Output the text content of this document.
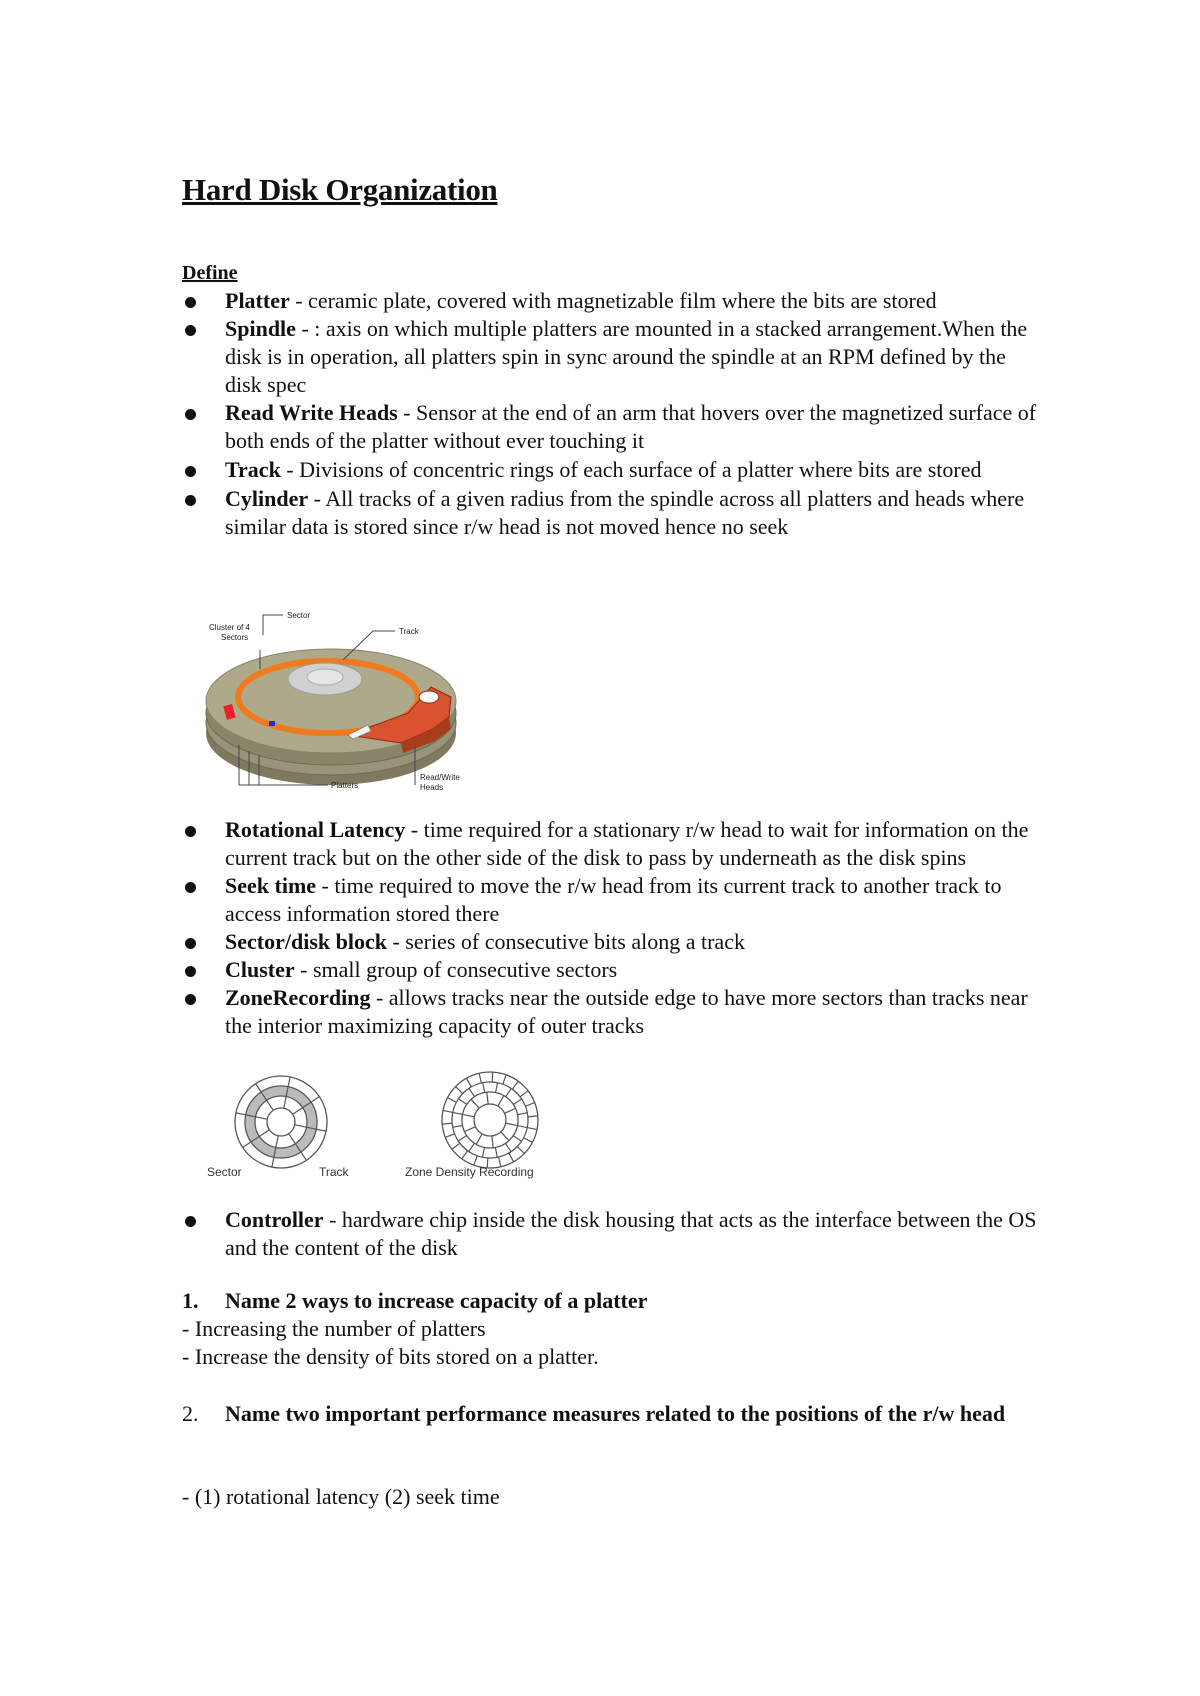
Hard Disk Organization
Define
Platter - ceramic plate, covered with magnetizable film where the bits are stored
Spindle - : axis on which multiple platters are mounted in a stacked arrangement.When the disk is in operation, all platters spin in sync around the spindle at an RPM defined by the disk spec
Read Write Heads - Sensor at the end of an arm that hovers over the magnetized surface of both ends of the platter without ever touching it
Track - Divisions of concentric rings of each surface of a platter where bits are stored
Cylinder - All tracks of a given radius from the spindle across all platters and heads where similar data is stored since r/w head is not moved hence no seek
Cluster of 4
Sectors
Sector
Track
Platters
Read/Write
Heads
Rotational Latency - time required for a stationary r/w head to wait for information on the current track but on the other side of the disk to pass by underneath as the disk spins
Seek time - time required to move the r/w head from its current track to another track to access information stored there
Sector/disk block - series of consecutive bits along a track
Cluster - small group of consecutive sectors
ZoneRecording - allows tracks near the outside edge to have more sectors than tracks near the interior maximizing capacity of outer tracks
Sector	Track	Zone Density Recording
Controller - hardware chip inside the disk housing that acts as the interface between the OS and the content of the disk
1.	Name 2 ways to increase capacity of a platter
- Increasing the number of platters
- Increase the density of bits stored on a platter.
2.	Name two important performance measures related to the positions of the r/w head
- (1) rotational latency (2) seek time
